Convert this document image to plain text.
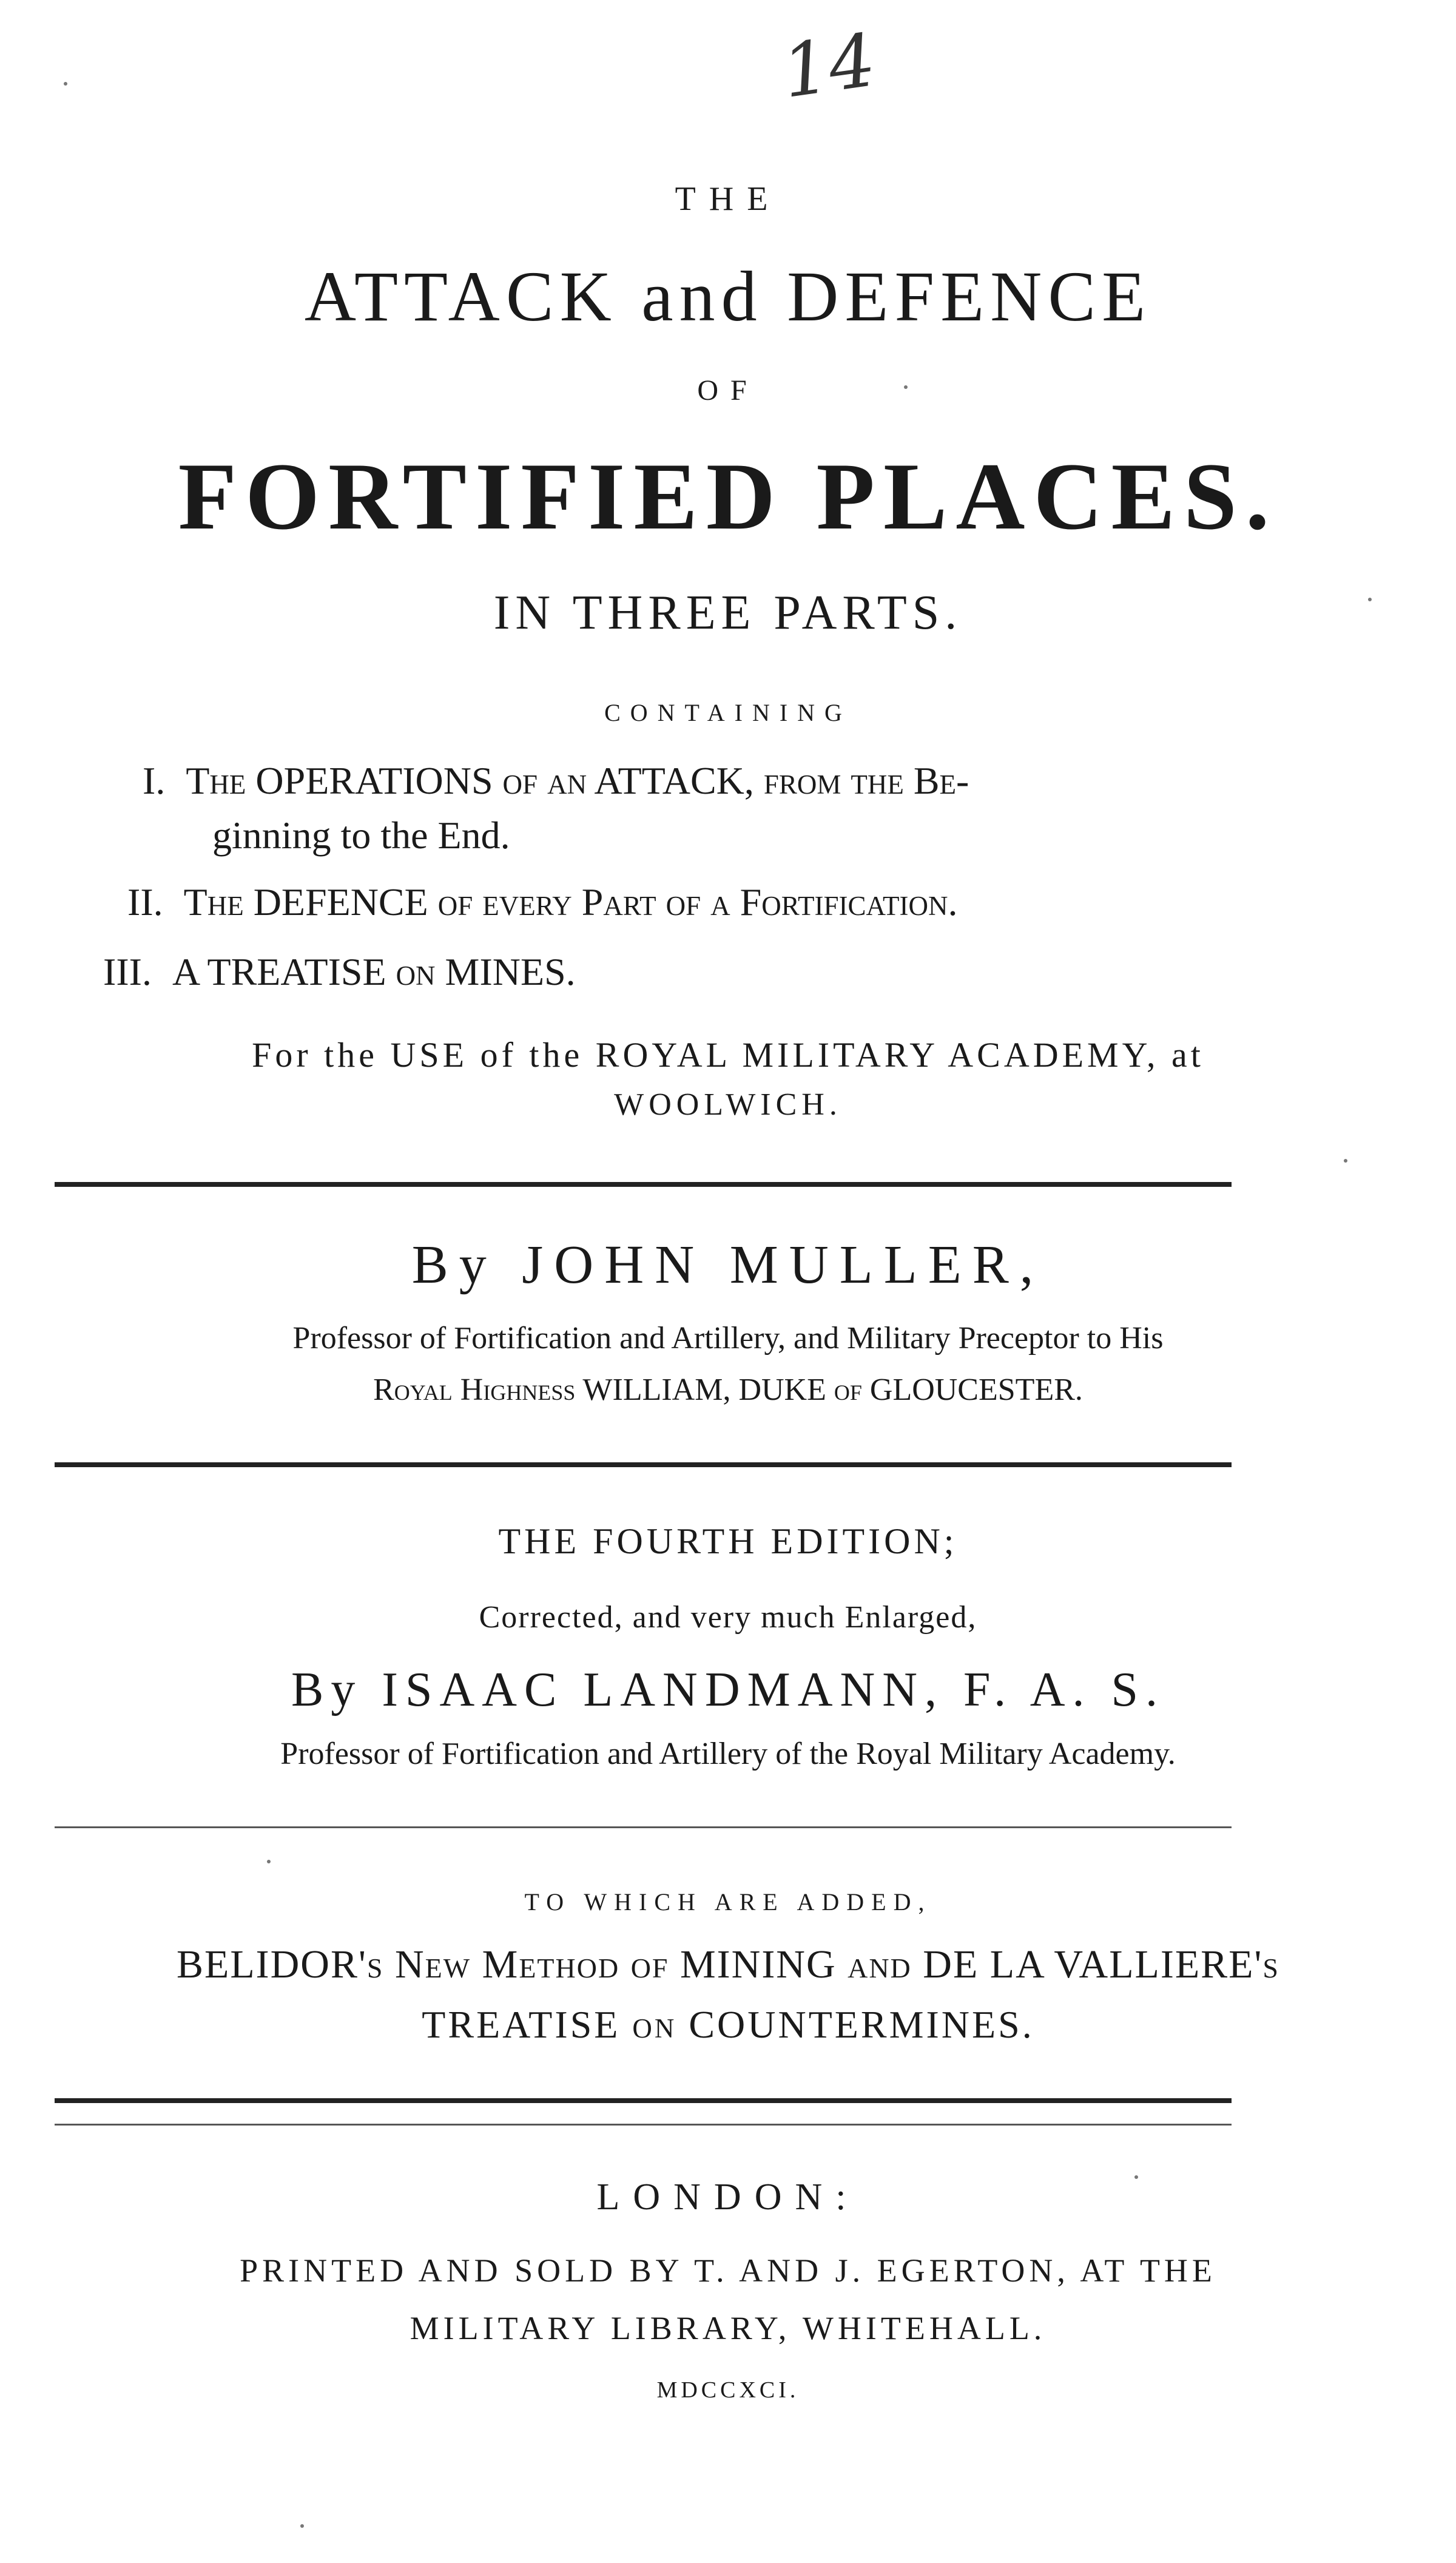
14
THE
ATTACK and DEFENCE
OF
FORTIFIED PLACES.
IN THREE PARTS.
CONTAINING
I. The OPERATIONS of an ATTACK, from the Be-
ginning to the End.
II. The DEFENCE of every Part of a Fortification.
III. A TREATISE on MINES.
For the USE of the ROYAL MILITARY ACADEMY, at
WOOLWICH.
By JOHN MULLER,
Professor of Fortification and Artillery, and Military Preceptor to His
Royal Highness WILLIAM, DUKE of GLOUCESTER.
THE FOURTH EDITION;
Corrected, and very much Enlarged,
By ISAAC LANDMANN, F. A. S.
Professor of Fortification and Artillery of the Royal Military Academy.
TO WHICH ARE ADDED,
BELIDOR's New Method of MINING and DE LA VALLIERE's
TREATISE on COUNTERMINES.
LONDON:
PRINTED AND SOLD BY T. AND J. EGERTON, AT THE
MILITARY LIBRARY, WHITEHALL.
MDCCXCI.
